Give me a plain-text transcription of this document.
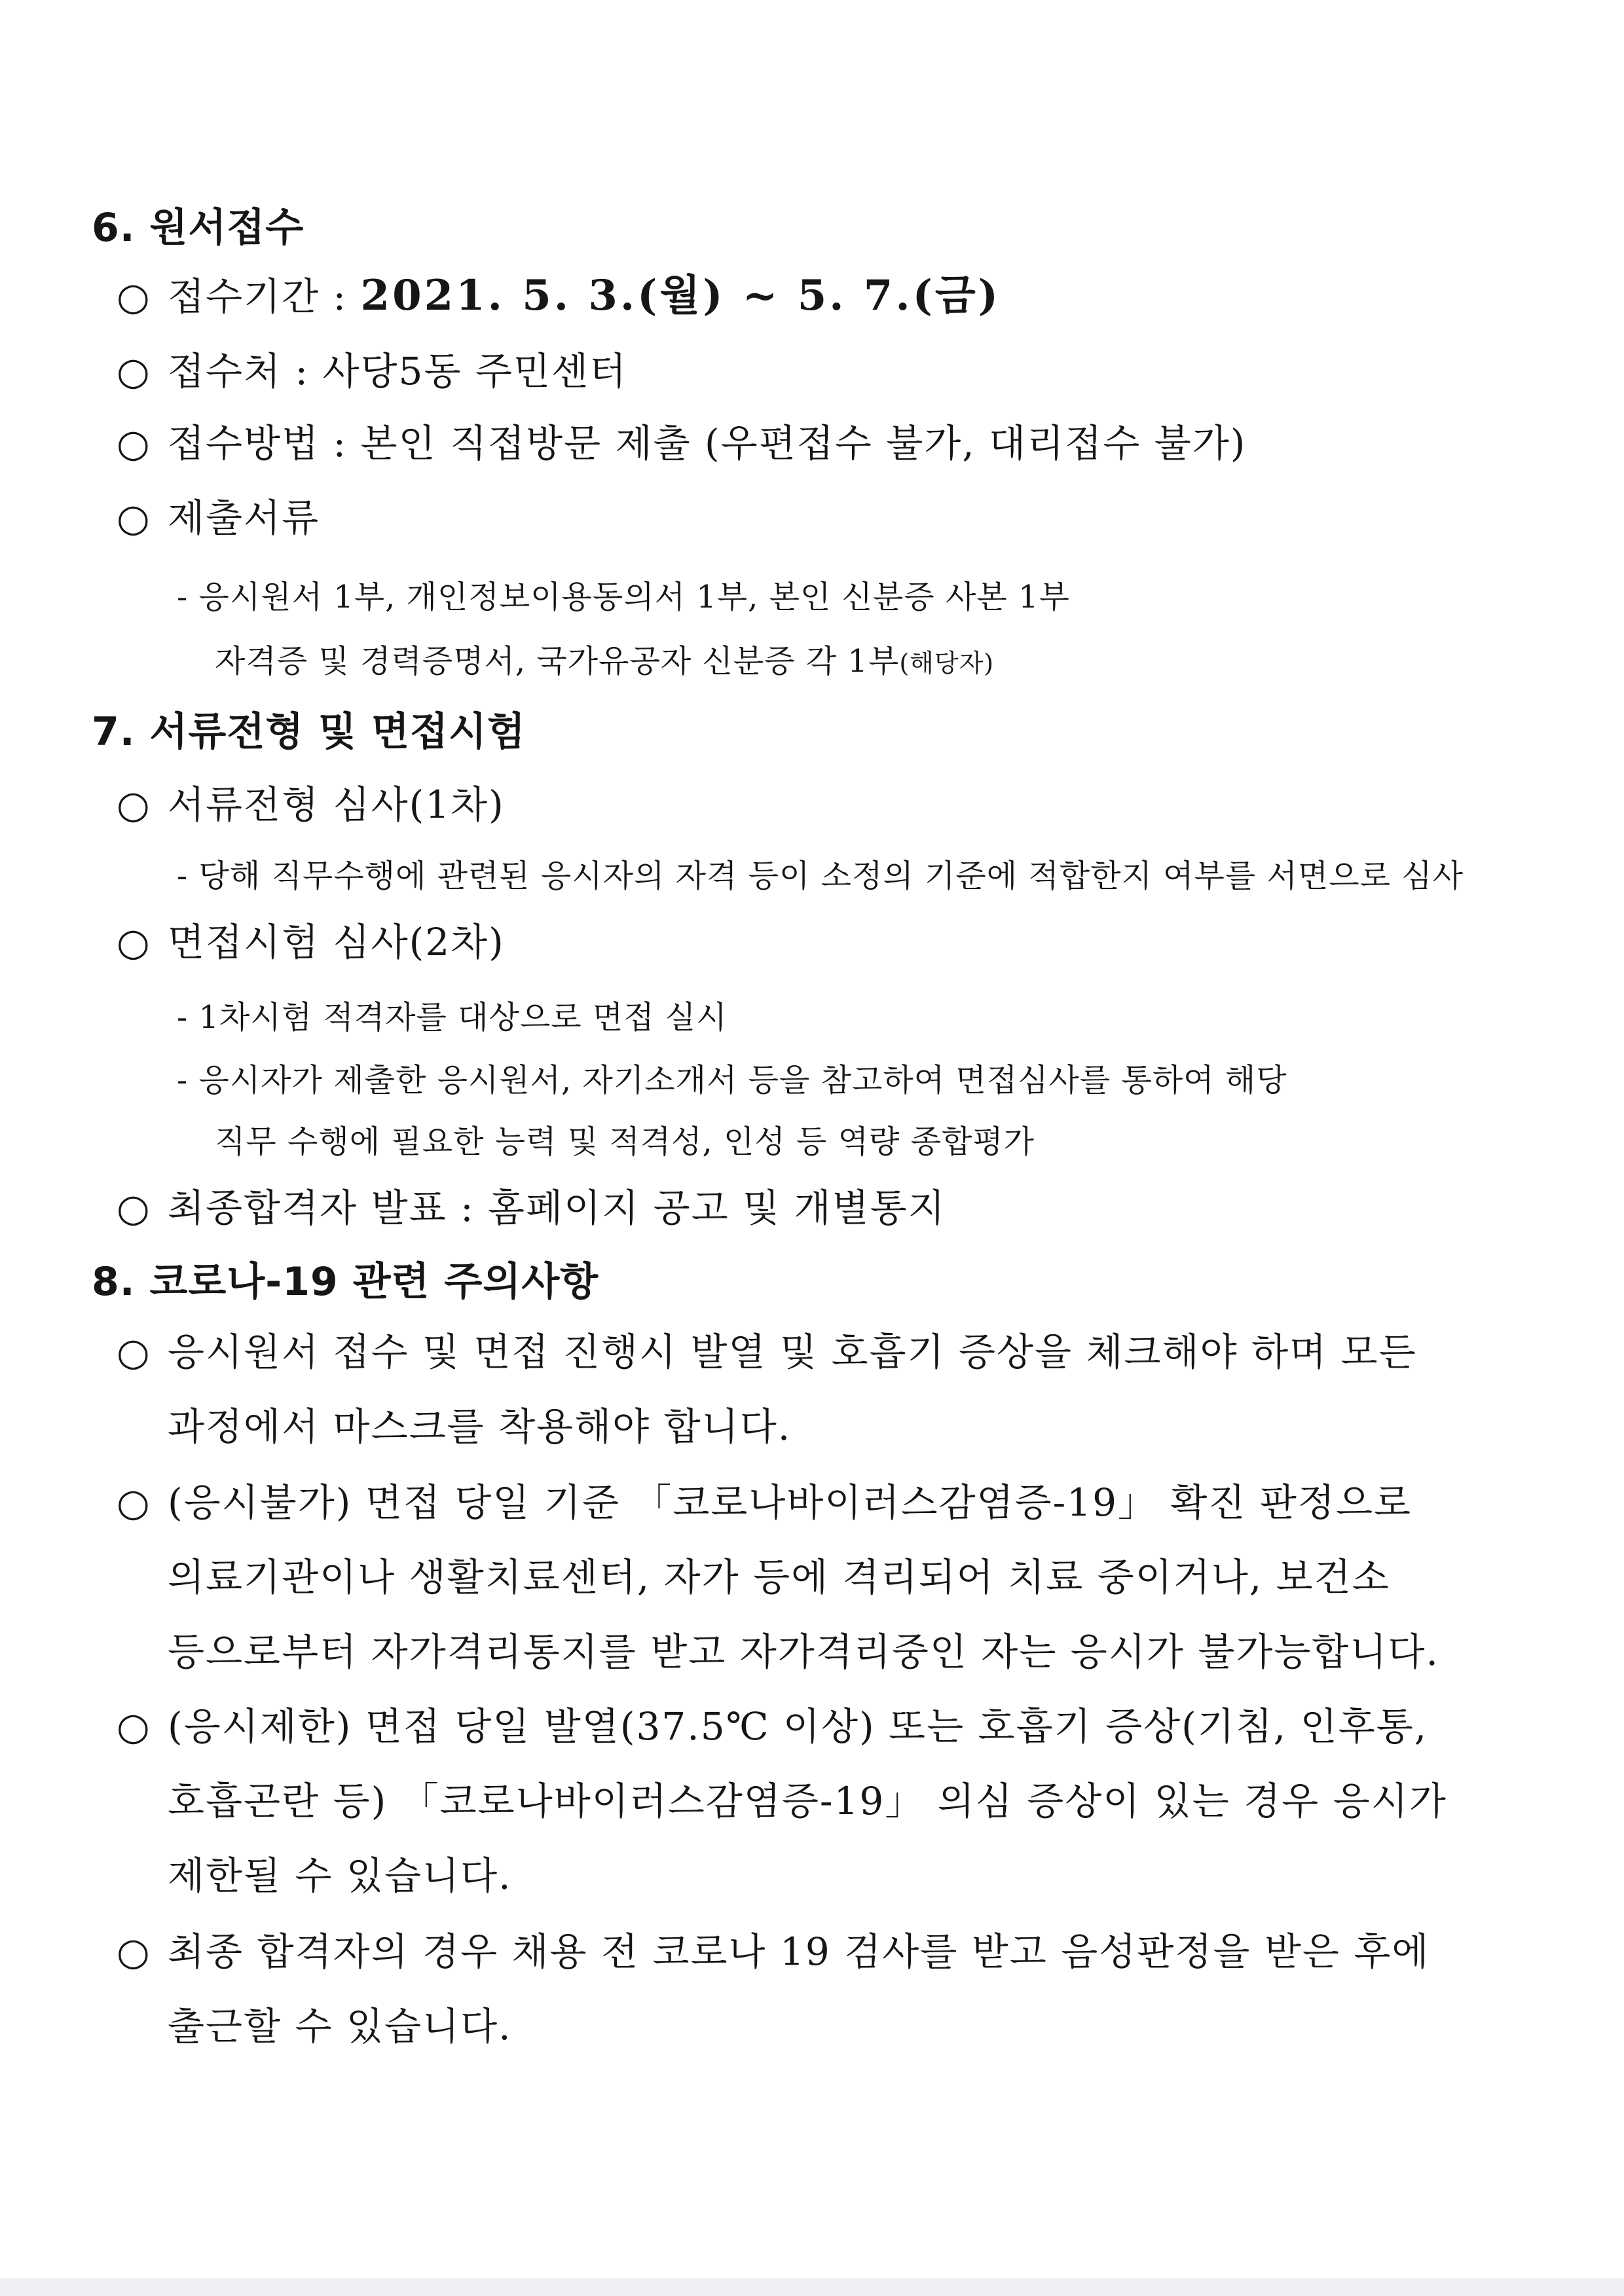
6. 원서접수
○ 접수기간 : 2021. 5. 3.(월) ~ 5. 7.(금)
○ 접수처 : 사당5동 주민센터
○ 접수방법 : 본인 직접방문 제출 (우편접수 불가, 대리접수 불가)
○ 제출서류
- 응시원서 1부, 개인정보이용동의서 1부, 본인 신분증 사본 1부
자격증 및 경력증명서, 국가유공자 신분증 각 1부(해당자)
7. 서류전형 및 면접시험
○ 서류전형 심사(1차)
- 당해 직무수행에 관련된 응시자의 자격 등이 소정의 기준에 적합한지 여부를 서면으로 심사
○ 면접시험 심사(2차)
- 1차시험 적격자를 대상으로 면접 실시
- 응시자가 제출한 응시원서, 자기소개서 등을 참고하여 면접심사를 통하여 해당
직무 수행에 필요한 능력 및 적격성, 인성 등 역량 종합평가
○ 최종합격자 발표 : 홈페이지 공고 및 개별통지
8. 코로나-19 관련 주의사항
○ 응시원서 접수 및 면접 진행시 발열 및 호흡기 증상을 체크해야 하며 모든
과정에서 마스크를 착용해야 합니다.
○ (응시불가) 면접 당일 기준 「코로나바이러스감염증-19」 확진 판정으로
의료기관이나 생활치료센터, 자가 등에 격리되어 치료 중이거나, 보건소
등으로부터 자가격리통지를 받고 자가격리중인 자는 응시가 불가능합니다.
○ (응시제한) 면접 당일 발열(37.5℃ 이상) 또는 호흡기 증상(기침, 인후통,
호흡곤란 등) 「코로나바이러스감염증-19」 의심 증상이 있는 경우 응시가
제한될 수 있습니다.
○ 최종 합격자의 경우 채용 전 코로나 19 검사를 받고 음성판정을 받은 후에
출근할 수 있습니다.
